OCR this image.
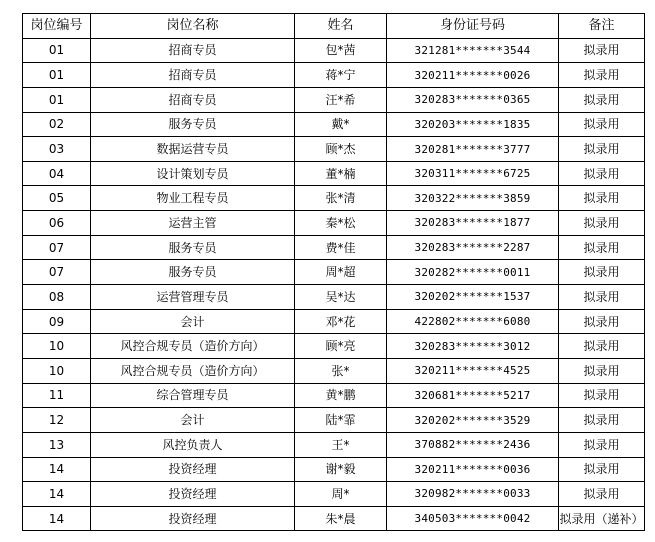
岗位编号	岗位名称	姓名	身份证号码	备注
01	招商专员	包*茜	321281*******3544	拟录用
01	招商专员	蒋*宁	320211*******0026	拟录用
01	招商专员	汪*希	320283*******0365	拟录用
02	服务专员	戴*	320203*******1835	拟录用
03	数据运营专员	顾*杰	320281*******3777	拟录用
04	设计策划专员	董*楠	320311*******6725	拟录用
05	物业工程专员	张*清	320322*******3859	拟录用
06	运营主管	秦*松	320283*******1877	拟录用
07	服务专员	费*佳	320283*******2287	拟录用
07	服务专员	周*超	320282*******0011	拟录用
08	运营管理专员	吴*达	320202*******1537	拟录用
09	会计	邓*花	422802*******6080	拟录用
10	风控合规专员（造价方向）	顾*亮	320283*******3012	拟录用
10	风控合规专员（造价方向）	张*	320211*******4525	拟录用
11	综合管理专员	黄*鹏	320681*******5217	拟录用
12	会计	陆*霏	320202*******3529	拟录用
13	风控负责人	王*	370882*******2436	拟录用
14	投资经理	谢*毅	320211*******0036	拟录用
14	投资经理	周*	320982*******0033	拟录用
14	投资经理	朱*晨	340503*******0042	拟录用（递补）
